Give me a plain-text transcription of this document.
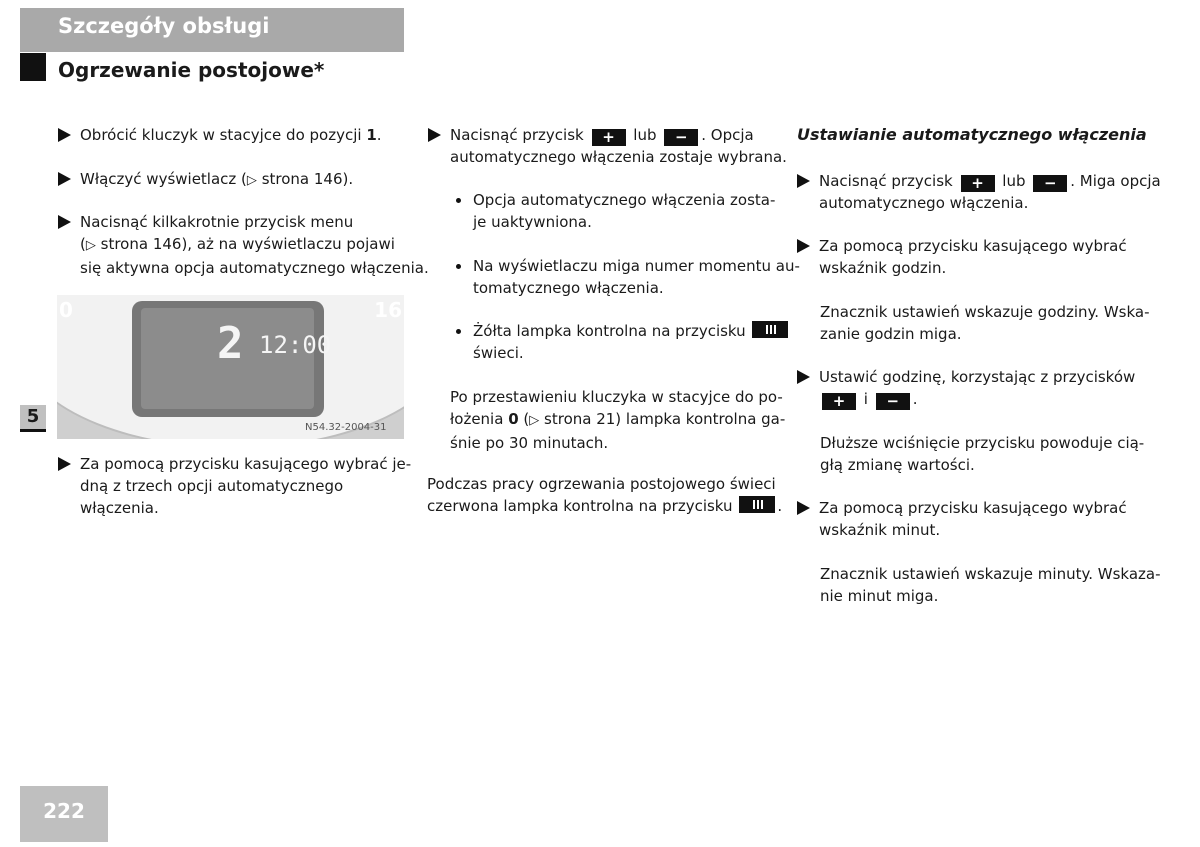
Szczegóły obsługi
Ogrzewanie postojowe*
5
222
Obrócić kluczyk w stacyjce do pozycji 1.
Włączyć wyświetlacz (▷ strona 146).
Nacisnąć kilkakrotnie przycisk menu
(▷ strona 146), aż na wyświetlaczu pojawi
się aktywna opcja automatycznego włączenia.
0	16
2 12:00
N54.32-2004-31
Za pomocą przycisku kasującego wybrać je-
dną z trzech opcji automatycznego
włączenia.
Nacisnąć przycisk + lub − . Opcja
automatycznego włączenia zostaje wybrana.
Opcja automatycznego włączenia zosta-
je uaktywniona.
Na wyświetlaczu miga numer momentu au-
tomatycznego włączenia.
Żółta lampka kontrolna na przycisku
świeci.
Po przestawieniu kluczyka w stacyjce do po-
łożenia 0 (▷ strona 21) lampka kontrolna ga-
śnie po 30 minutach.
Podczas pracy ogrzewania postojowego świeci
czerwona lampka kontrolna na przycisku	.
Ustawianie automatycznego włączenia
Nacisnąć przycisk + lub − . Miga opcja
automatycznego włączenia.
Za pomocą przycisku kasującego wybrać
wskaźnik godzin.
Znacznik ustawień wskazuje godziny. Wska-
zanie godzin miga.
Ustawić godzinę, korzystając z przycisków
+ i − .
Dłuższe wciśnięcie przycisku powoduje cią-
głą zmianę wartości.
Za pomocą przycisku kasującego wybrać
wskaźnik minut.
Znacznik ustawień wskazuje minuty. Wskaza-
nie minut miga.
